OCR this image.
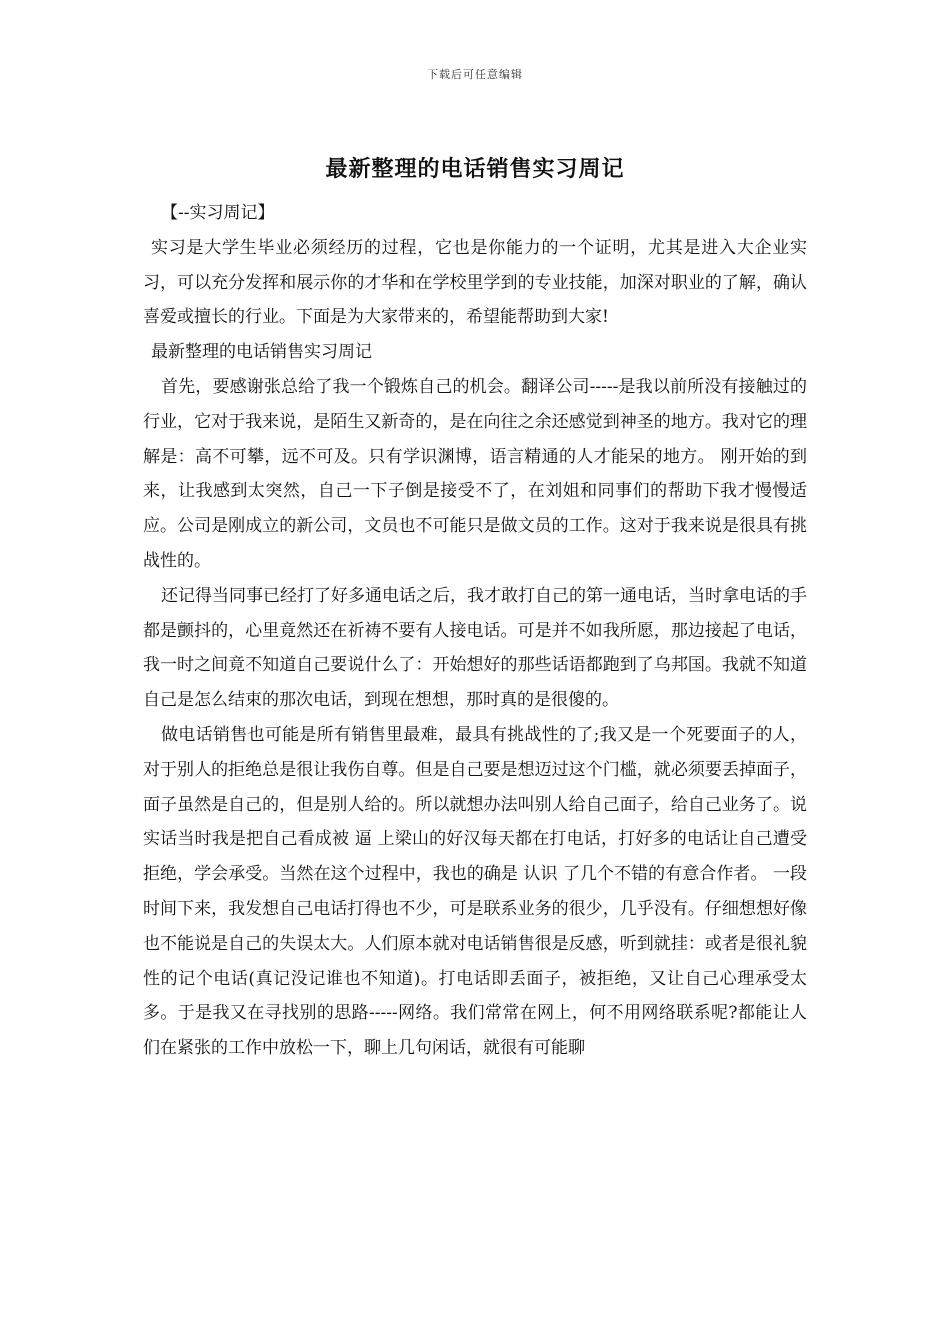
下载后可任意编辑
最新整理的电话销售实习周记

【--实习周记】

实习是大学生毕业必须经历的过程，它也是你能力的一个证明，尤其是进入大企业实习，可以充分发挥和展示你的才华和在学校里学到的专业技能，加深对职业的了解，确认喜爱或擅长的行业。下面是为大家带来的，希望能帮助到大家!

最新整理的电话销售实习周记

首先，要感谢张总给了我一个锻炼自己的机会。翻译公司-----是我以前所没有接触过的行业，它对于我来说，是陌生又新奇的，是在向往之余还感觉到神圣的地方。我对它的理解是：高不可攀，远不可及。只有学识渊博，语言精通的人才能呆的地方。 刚开始的到来，让我感到太突然，自己一下子倒是接受不了，在刘姐和同事们的帮助下我才慢慢适应。公司是刚成立的新公司，文员也不可能只是做文员的工作。这对于我来说是很具有挑战性的。

还记得当同事已经打了好多通电话之后，我才敢打自己的第一通电话，当时拿电话的手都是颤抖的，心里竟然还在祈祷不要有人接电话。可是并不如我所愿，那边接起了电话，我一时之间竟不知道自己要说什么了：开始想好的那些话语都跑到了乌邦国。我就不知道自己是怎么结束的那次电话，到现在想想，那时真的是很傻的。

做电话销售也可能是所有销售里最难，最具有挑战性的了;我又是一个死要面子的人，对于别人的拒绝总是很让我伤自尊。但是自己要是想迈过这个门槛，就必须要丢掉面子，面子虽然是自己的，但是别人给的。所以就想办法叫别人给自己面子，给自己业务了。说实话当时我是把自己看成被 逼 上梁山的好汉每天都在打电话，打好多的电话让自己遭受拒绝，学会承受。当然在这个过程中，我也的确是 认识 了几个不错的有意合作者。 一段时间下来，我发想自己电话打得也不少，可是联系业务的很少，几乎没有。仔细想想好像也不能说是自己的失误太大。人们原本就对电话销售很是反感，听到就挂：或者是很礼貌性的记个电话(真记没记谁也不知道)。打电话即丢面子，被拒绝，又让自己心理承受太多。于是我又在寻找别的思路-----网络。我们常常在网上，何不用网络联系呢?都能让人们在紧张的工作中放松一下，聊上几句闲话，就很有可能聊
